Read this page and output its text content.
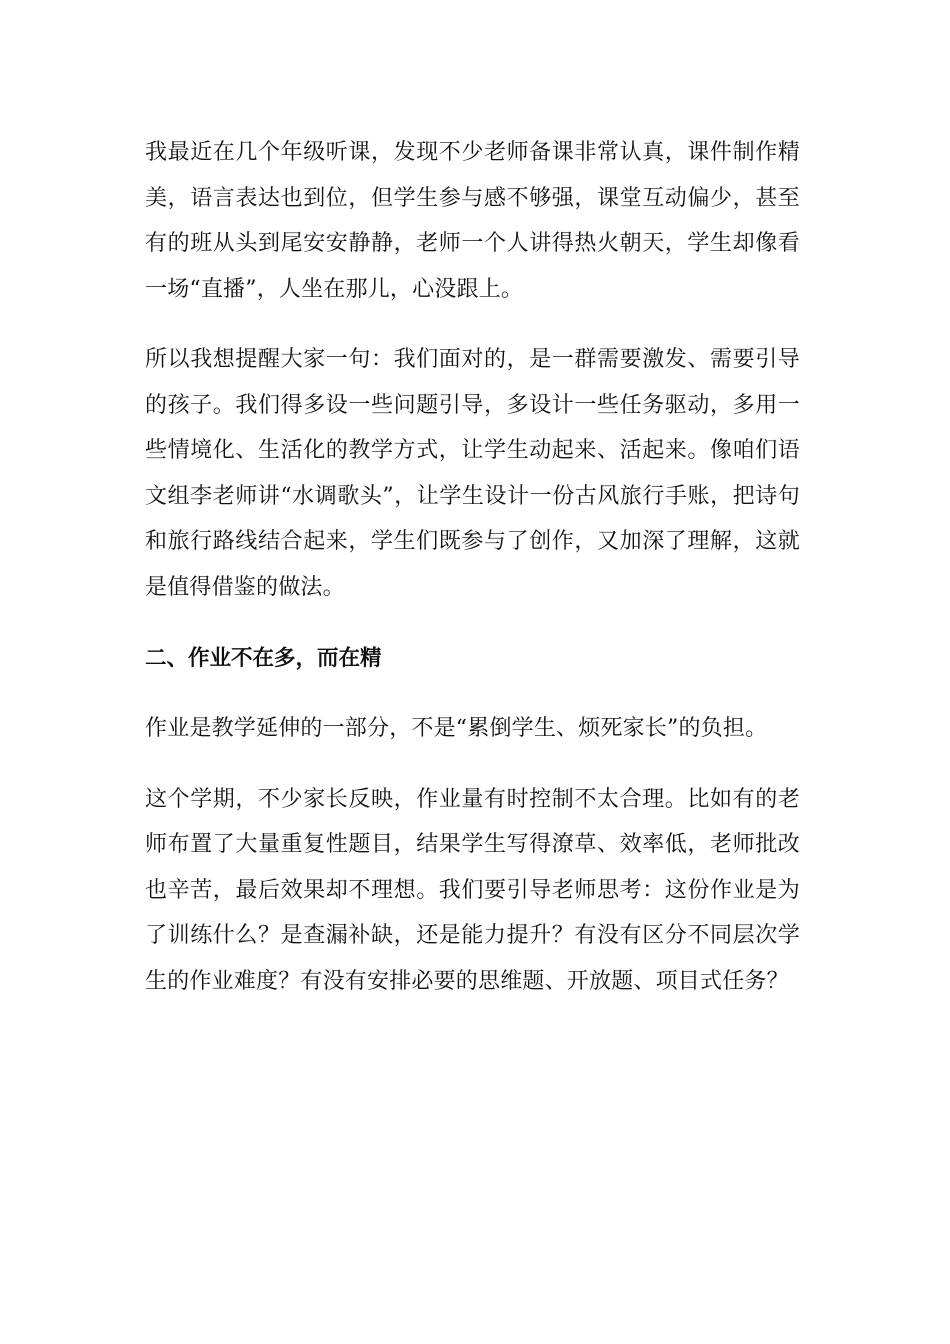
我最近在几个年级听课，发现不少老师备课非常认真，课件制作精美，语言表达也到位，但学生参与感不够强，课堂互动偏少，甚至有的班从头到尾安安静静，老师一个人讲得热火朝天，学生却像看一场“直播”，人坐在那儿，心没跟上。

所以我想提醒大家一句：我们面对的，是一群需要激发、需要引导的孩子。我们得多设一些问题引导，多设计一些任务驱动，多用一些情境化、生活化的教学方式，让学生动起来、活起来。像咱们语文组李老师讲“水调歌头”，让学生设计一份古风旅行手账，把诗句和旅行路线结合起来，学生们既参与了创作，又加深了理解，这就是值得借鉴的做法。

二、作业不在多，而在精

作业是教学延伸的一部分，不是“累倒学生、烦死家长”的负担。

这个学期，不少家长反映，作业量有时控制不太合理。比如有的老师布置了大量重复性题目，结果学生写得潦草、效率低，老师批改也辛苦，最后效果却不理想。我们要引导老师思考：这份作业是为了训练什么？是查漏补缺，还是能力提升？有没有区分不同层次学生的作业难度？有没有安排必要的思维题、开放题、项目式任务？
